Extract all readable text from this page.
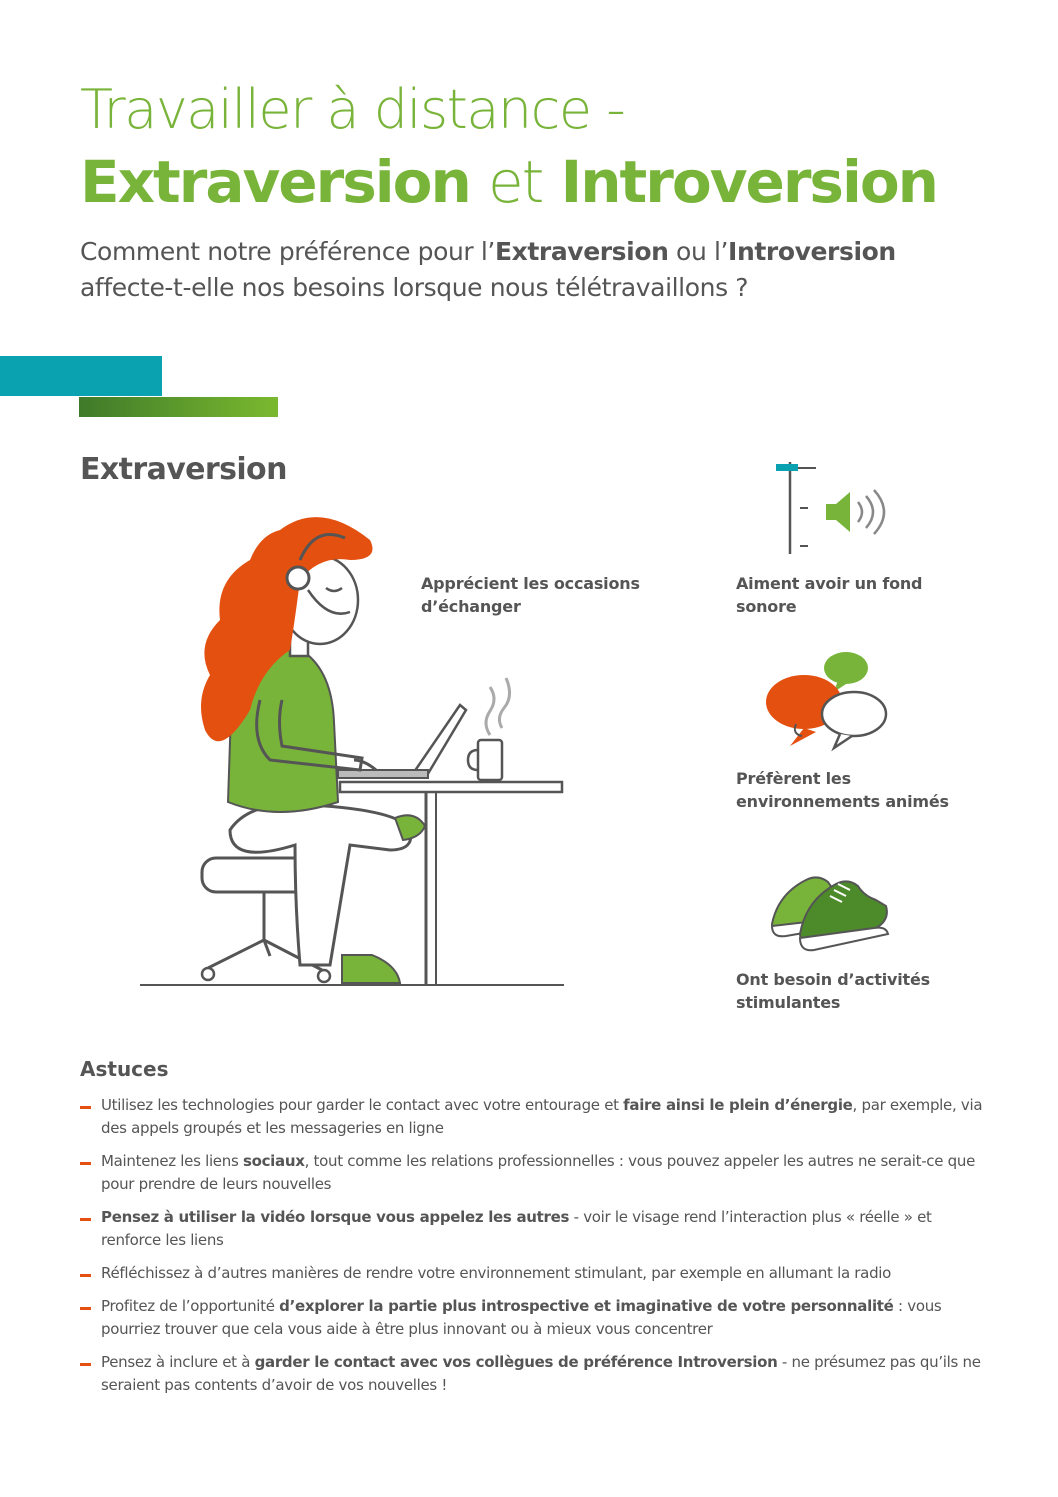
Travailler à distance -
Extraversion et Introversion
Comment notre préférence pour l’Extraversion ou l’Introversion
affecte-t-elle nos besoins lorsque nous télétravaillons ?
Extraversion
Apprécient les occasions
d’échanger
Aiment avoir un fond
sonore
Préfèrent les
environnements animés
Ont besoin d’activités
stimulantes
Astuces
Utilisez les technologies pour garder le contact avec votre entourage et faire ainsi le plein d’énergie, par exemple, via des appels groupés et les messageries en ligne
Maintenez les liens sociaux, tout comme les relations professionnelles : vous pouvez appeler les autres ne serait-ce que pour prendre de leurs nouvelles
Pensez à utiliser la vidéo lorsque vous appelez les autres - voir le visage rend l’interaction plus « réelle » et renforce les liens
Réfléchissez à d’autres manières de rendre votre environnement stimulant, par exemple en allumant la radio
Profitez de l’opportunité d’explorer la partie plus introspective et imaginative de votre personnalité : vous pourriez trouver que cela vous aide à être plus innovant ou à mieux vous concentrer
Pensez à inclure et à garder le contact avec vos collègues de préférence Introversion - ne présumez pas qu’ils ne seraient pas contents d’avoir de vos nouvelles !
